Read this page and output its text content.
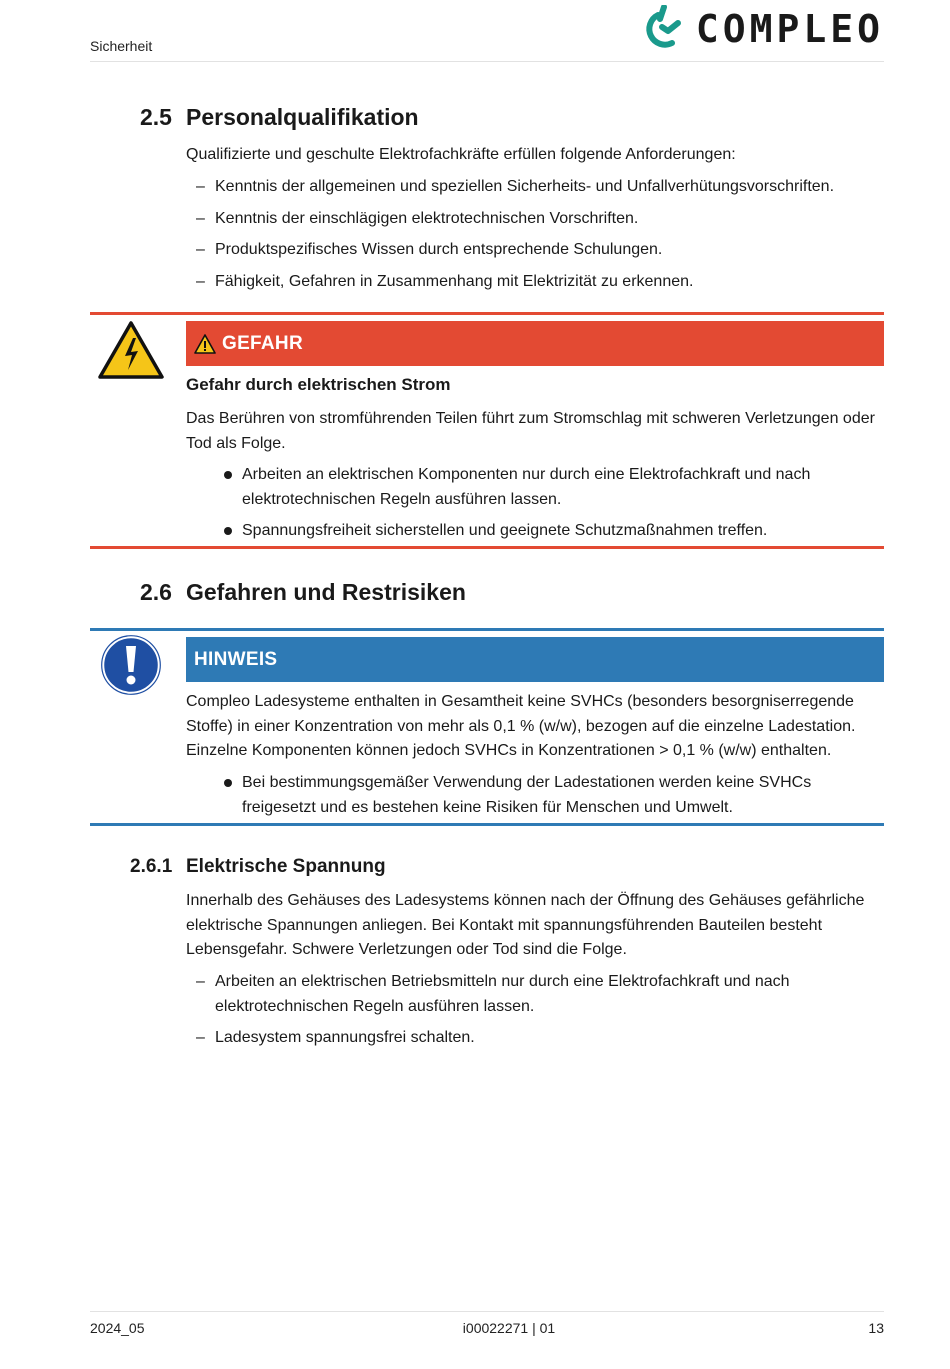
Sicherheit	COMPLEO
2.5 Personalqualifikation
Qualifizierte und geschulte Elektrofachkräfte erfüllen folgende Anforderungen:
– Kenntnis der allgemeinen und speziellen Sicherheits- und Unfallverhütungsvorschriften.
– Kenntnis der einschlägigen elektrotechnischen Vorschriften.
– Produktspezifisches Wissen durch entsprechende Schulungen.
– Fähigkeit, Gefahren in Zusammenhang mit Elektrizität zu erkennen.
GEFAHR
Gefahr durch elektrischen Strom
Das Berühren von stromführenden Teilen führt zum Stromschlag mit schweren Verletzungen oder Tod als Folge.
Arbeiten an elektrischen Komponenten nur durch eine Elektrofachkraft und nach elektrotechnischen Regeln ausführen lassen.
Spannungsfreiheit sicherstellen und geeignete Schutzmaßnahmen treffen.
2.6 Gefahren und Restrisiken
HINWEIS
Compleo Ladesysteme enthalten in Gesamtheit keine SVHCs (besonders besorgniserregende Stoffe) in einer Konzentration von mehr als 0,1 % (w/w), bezogen auf die einzelne Ladestation. Einzelne Komponenten können jedoch SVHCs in Konzentrationen > 0,1 % (w/w) enthalten.
Bei bestimmungsgemäßer Verwendung der Ladestationen werden keine SVHCs freigesetzt und es bestehen keine Risiken für Menschen und Umwelt.
2.6.1 Elektrische Spannung
Innerhalb des Gehäuses des Ladesystems können nach der Öffnung des Gehäuses gefährliche elektrische Spannungen anliegen. Bei Kontakt mit spannungsführenden Bauteilen besteht Lebensgefahr. Schwere Verletzungen oder Tod sind die Folge.
– Arbeiten an elektrischen Betriebsmitteln nur durch eine Elektrofachkraft und nach elektrotechnischen Regeln ausführen lassen.
– Ladesystem spannungsfrei schalten.
2024_05	i00022271 | 01	13
